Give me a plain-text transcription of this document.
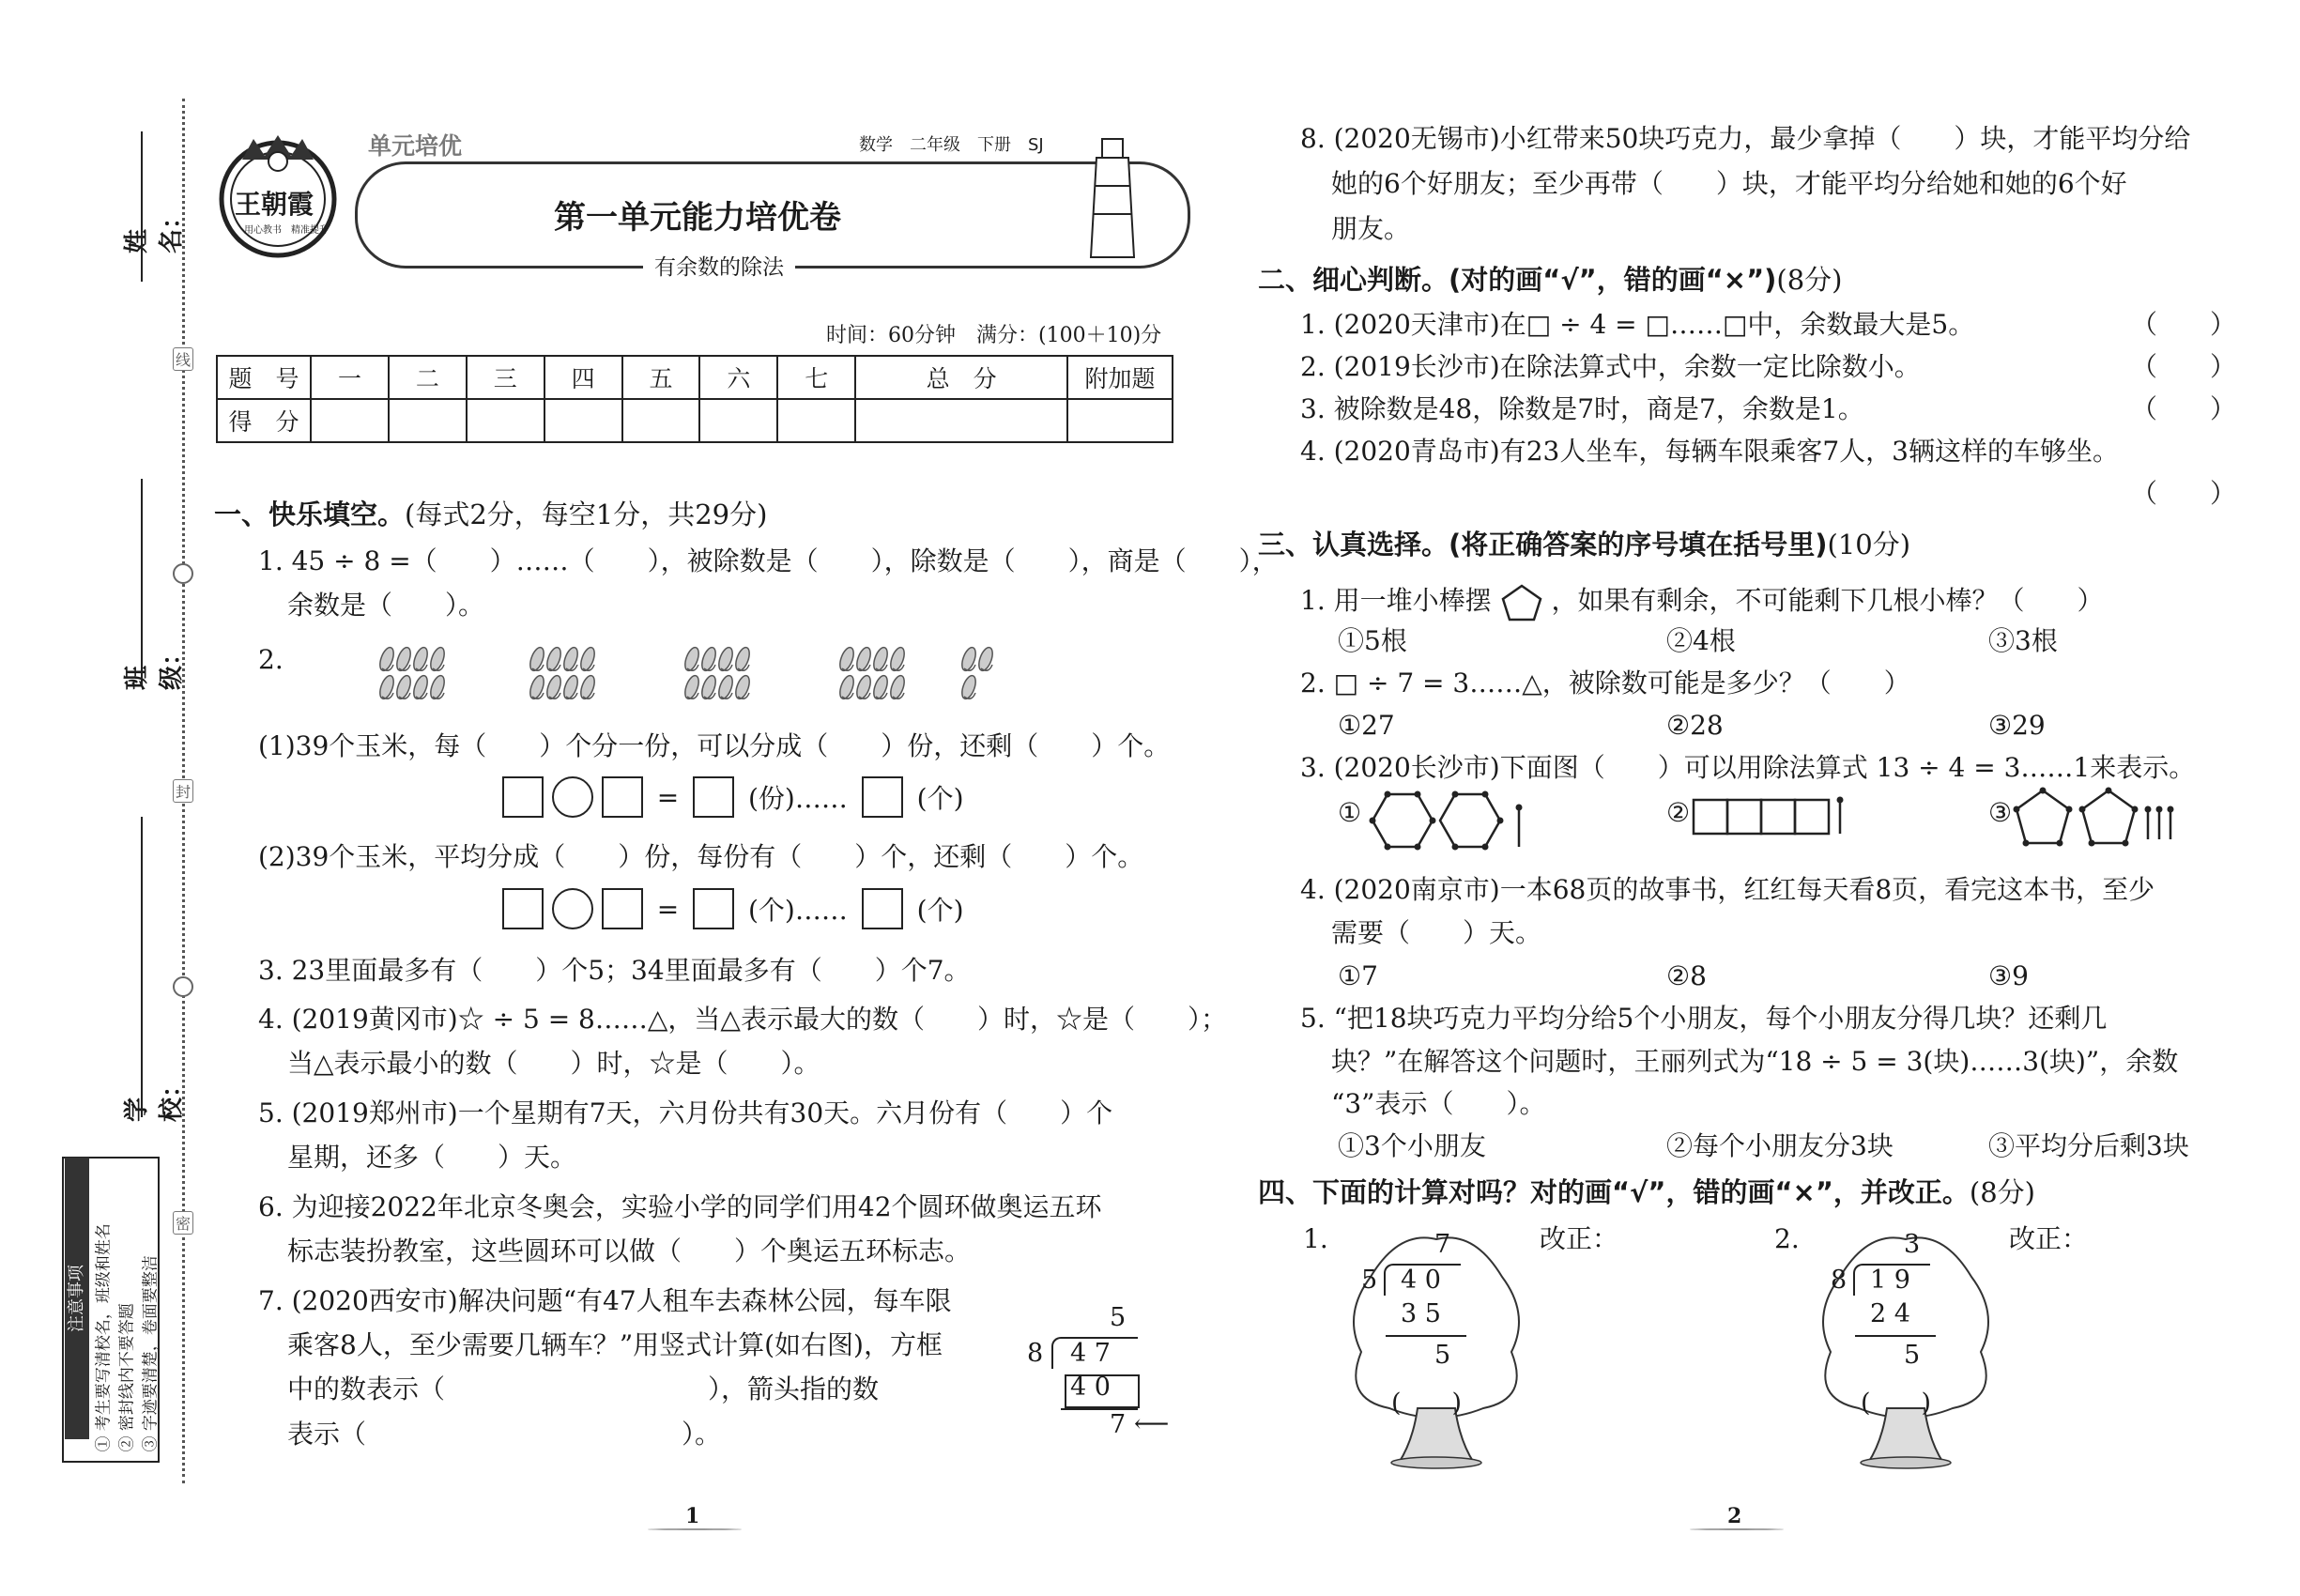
线
封
密
姓　名：
班　级：
学　校：
注意事项 ① 考生要写清校名，班级和姓名 ② 密封线内不要答题 ③ 字迹要清楚，卷面要整洁
王朝霞
用心教书　精准提升
单元培优	数学　二年级　下册　SJ
第一单元能力培优卷
有余数的除法
时间：60分钟　满分：(100＋10)分
题　号	一	二	三	四	五	六	七	总　分	附加题
得　分									
一、快乐填空。(每式2分，每空1分，共29分)
1. 45 ÷ 8 =（　　）……（　　），被除数是（　　），除数是（　　），商是（　　），
余数是（　　）。
2.
(1)39个玉米，每（　　）个分一份，可以分成（　　）份，还剩（　　）个。
=	(份)……	(个)
(2)39个玉米，平均分成（　　）份，每份有（　　）个，还剩（　　）个。
=	(个)……	(个)
3. 23里面最多有（　　）个5；34里面最多有（　　）个7。
4. (2019黄冈市)☆ ÷ 5 = 8……△，当△表示最大的数（　　）时，☆是（　　）；
当△表示最小的数（　　）时，☆是（　　）。
5. (2019郑州市)一个星期有7天，六月份共有30天。六月份有（　　）个
星期，还多（　　）天。
6. 为迎接2022年北京冬奥会，实验小学的同学们用42个圆环做奥运五环
标志装扮教室，这些圆环可以做（　　）个奥运五环标志。
7. (2020西安市)解决问题“有47人租车去森林公园，每车限
乘客8人，至少需要几辆车？”用竖式计算(如右图)，方框
中的数表示（　　　　　　　　　　），箭头指的数
表示（　　　　　　　　　　　　）。
5
8 4 7
4 0
7 ⟵
1
8. (2020无锡市)小红带来50块巧克力，最少拿掉（　　）块，才能平均分给
她的6个好朋友；至少再带（　　）块，才能平均分给她和她的6个好
朋友。
二、细心判断。(对的画“√”，错的画“×”)(8分)
1. (2020天津市)在□ ÷ 4 = □……□中，余数最大是5。	（　　）
2. (2019长沙市)在除法算式中，余数一定比除数小。	（　　）
3. 被除数是48，除数是7时，商是7，余数是1。	（　　）
4. (2020青岛市)有23人坐车，每辆车限乘客7人，3辆这样的车够坐。
（　　）
三、认真选择。(将正确答案的序号填在括号里)(10分)
1. 用一堆小棒摆 ，如果有剩余，不可能剩下几根小棒？（　　）
①5根	②4根	③3根
2. □ ÷ 7 = 3……△，被除数可能是多少？（　　）
①27	②28	③29
3. (2020长沙市)下面图（　　）可以用除法算式 13 ÷ 4 = 3……1来表示。
①	②	③
4. (2020南京市)一本68页的故事书，红红每天看8页，看完这本书，至少
需要（　　）天。
①7	②8	③9
5. “把18块巧克力平均分给5个小朋友，每个小朋友分得几块？还剩几
块？”在解答这个问题时，王丽列式为“18 ÷ 5 = 3(块)……3(块)”，余数
“3”表示（　　）。
①3个小朋友	②每个小朋友分3块	③平均分后剩3块
四、下面的计算对吗？对的画“√”，错的画“×”，并改正。(8分)
1.	改正：
7
5 4 0
3 5
5
(　　)
2.	改正：
3
8 1 9
2 4
5
(　　)
2
